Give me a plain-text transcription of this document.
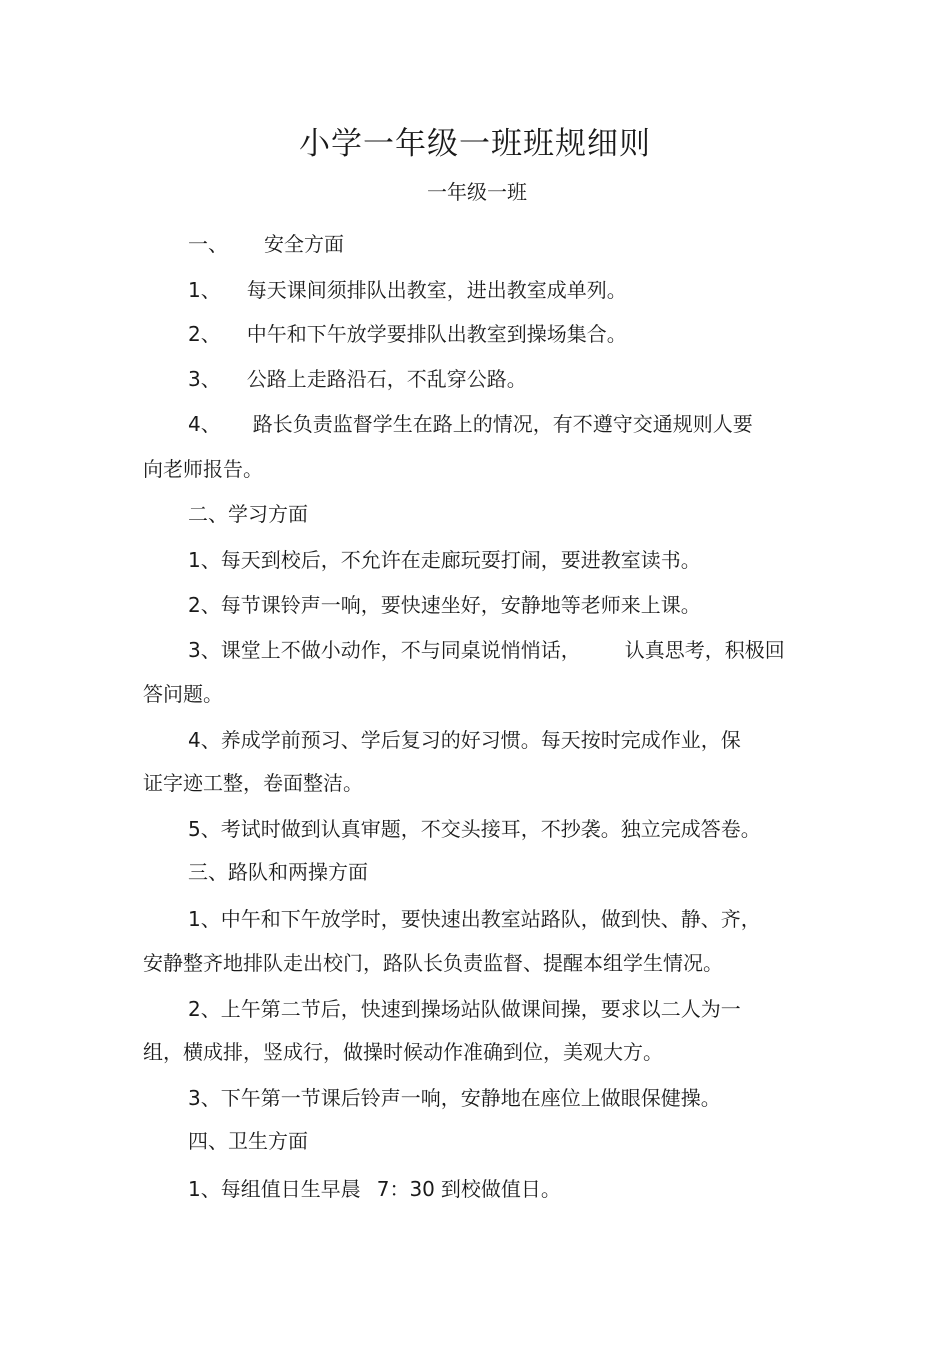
小学一年级一班班规细则
一年级一班
一、 安全方面
1、 每天课间须排队出教室，进出教室成单列。
2、 中午和下午放学要排队出教室到操场集合。
3、 公路上走路沿石，不乱穿公路。
4、 路长负责监督学生在路上的情况，有不遵守交通规则人要
向老师报告。
二、学习方面
1、每天到校后，不允许在走廊玩耍打闹，要进教室读书。
2、每节课铃声一响，要快速坐好，安静地等老师来上课。
3、课堂上不做小动作，不与同桌说悄悄话， 认真思考，积极回
答问题。
4、养成学前预习、学后复习的好习惯。每天按时完成作业，保
证字迹工整，卷面整洁。
5、考试时做到认真审题，不交头接耳，不抄袭。独立完成答卷。
三、路队和两操方面
1、中午和下午放学时，要快速出教室站路队，做到快、静、齐，
安静整齐地排队走出校门，路队长负责监督、提醒本组学生情况。
2、上午第二节后，快速到操场站队做课间操，要求以二人为一
组，横成排，竖成行，做操时候动作准确到位，美观大方。
3、下午第一节课后铃声一响，安静地在座位上做眼保健操。
四、卫生方面
1、每组值日生早晨 7：30 到校做值日。
